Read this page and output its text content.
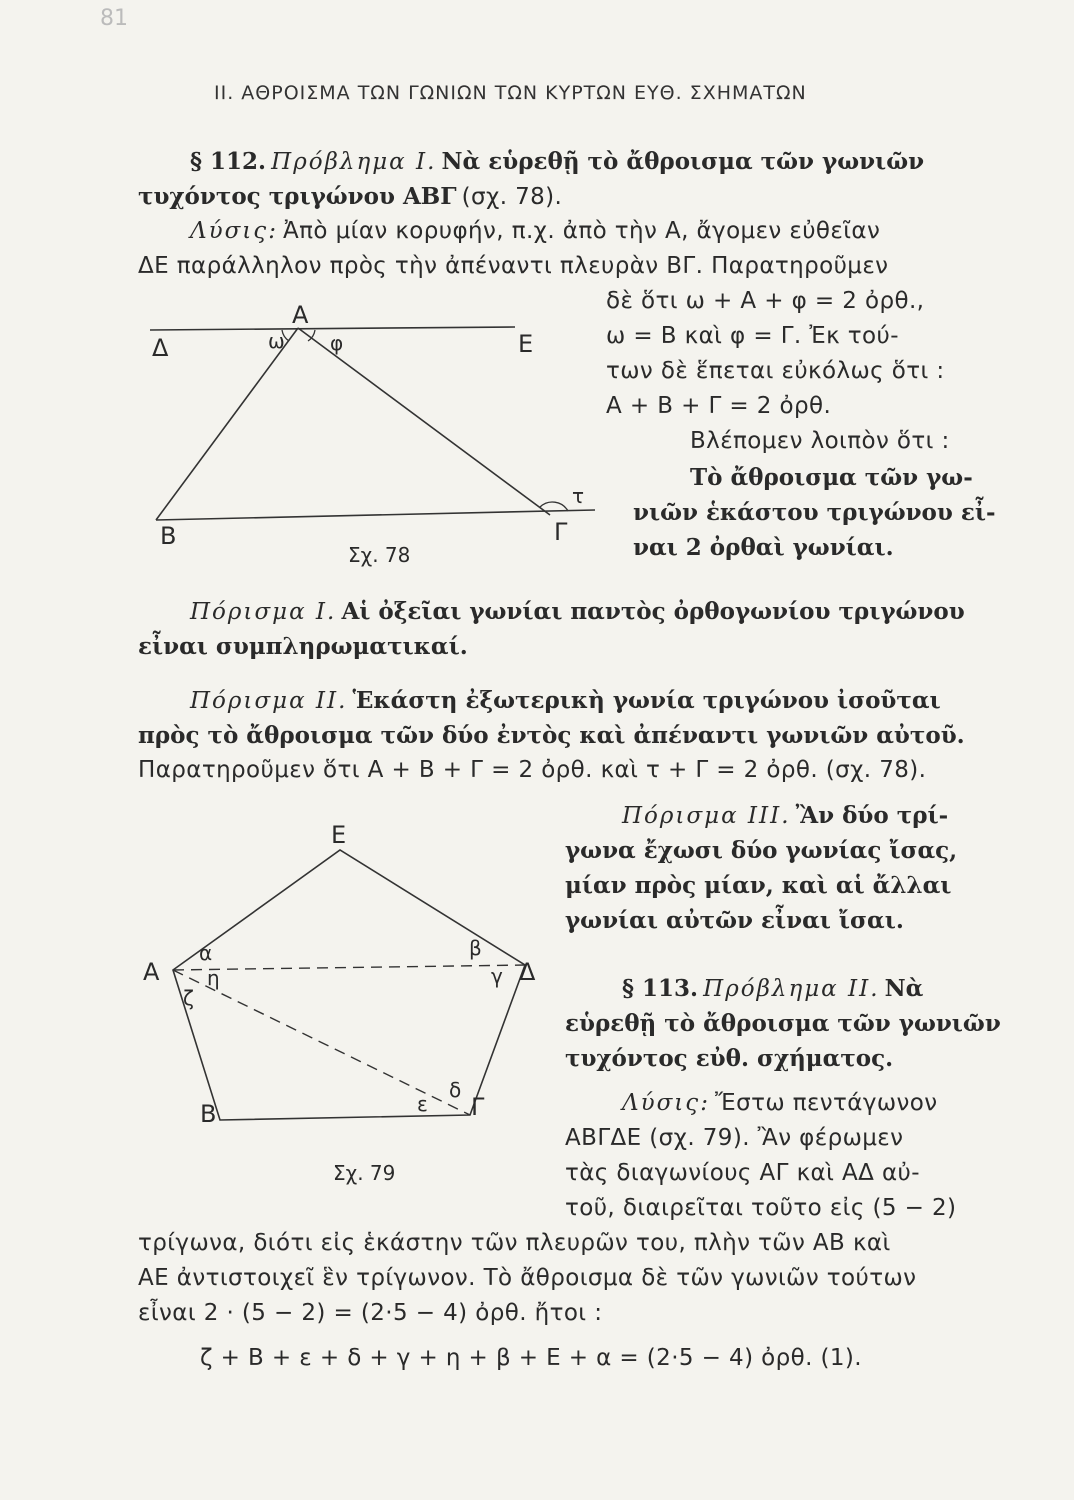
81
ΙΙ. ΑΘΡΟΙΣΜΑ ΤΩΝ ΓΩΝΙΩΝ ΤΩΝ ΚΥΡΤΩΝ ΕΥΘ. ΣΧΗΜΑΤΩΝ
§ 112. Πρόβλημα Ι. Νὰ εὑρεθῇ τὸ ἄθροισμα τῶν γωνιῶν
τυχόντος τριγώνου ΑΒΓ (σχ. 78).
Λύσις: Ἀπὸ μίαν κορυφήν, π.χ. ἀπὸ τὴν Α, ἄγομεν εὐθεῖαν
ΔΕ παράλληλον πρὸς τὴν ἀπέναντι πλευρὰν ΒΓ. Παρατηροῦμεν
δὲ ὅτι ω + Α + φ = 2 ὀρθ.,
ω = Β καὶ φ = Γ. Ἐκ τού-
των δὲ ἕπεται εὐκόλως ὅτι :
Α + Β + Γ = 2 ὀρθ.
Βλέπομεν λοιπὸν ὅτι :
Τὸ ἄθροισμα τῶν γω-
νιῶν ἑκάστου τριγώνου εἶ-
ναι 2 ὀρθαὶ γωνίαι.
Α
Δ	Ε
ω φ
τ
Β	Γ
Σχ. 78
Πόρισμα Ι. Αἱ ὀξεῖαι γωνίαι παντὸς ὀρθογωνίου τριγώνου
εἶναι συμπληρωματικαί.
Πόρισμα ΙΙ. Ἑκάστη ἐξωτερικὴ γωνία τριγώνου ἰσοῦται
πρὸς τὸ ἄθροισμα τῶν δύο ἐντὸς καὶ ἀπέναντι γωνιῶν αὐτοῦ.
Παρατηροῦμεν ὅτι Α + Β + Γ = 2 ὀρθ. καὶ τ + Γ = 2 ὀρθ. (σχ. 78).
Πόρισμα ΙΙΙ. Ἂν δύο τρί-
γωνα ἔχωσι δύο γωνίας ἴσας,
μίαν πρὸς μίαν, καὶ αἱ ἄλλαι
γωνίαι αὐτῶν εἶναι ἴσαι.
§ 113. Πρόβλημα ΙΙ. Νὰ
εὑρεθῇ τὸ ἄθροισμα τῶν γωνιῶν
τυχόντος εὐθ. σχήματος.
Λύσις: Ἔστω πεντάγωνον
ΑΒΓΔΕ (σχ. 79). Ἂν φέρωμεν
τὰς διαγωνίους ΑΓ καὶ ΑΔ αὐ-
τοῦ, διαιρεῖται τοῦτο εἰς (5 − 2)
τρίγωνα, διότι εἰς ἑκάστην τῶν πλευρῶν του, πλὴν τῶν ΑΒ καὶ
ΑΕ ἀντιστοιχεῖ ἓν τρίγωνον. Τὸ ἄθροισμα δὲ τῶν γωνιῶν τούτων
εἶναι 2 · (5 − 2) = (2·5 − 4) ὀρθ. ἤτοι :
ζ + Β + ε + δ + γ + η + β + Ε + α = (2·5 − 4) ὀρθ. (1).
Ε
Α	Δ
Β	Γ
α
η
ζ
β
γ
δ
ε
Σχ. 79
